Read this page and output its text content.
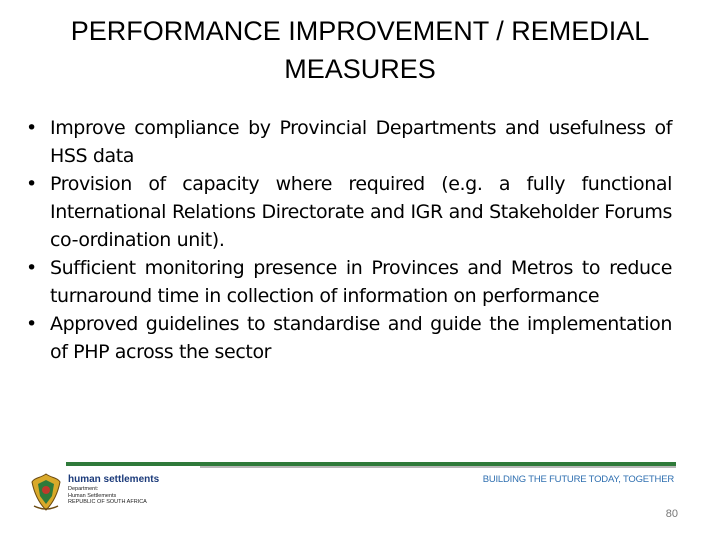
PERFORMANCE IMPROVEMENT / REMEDIAL
MEASURES
• Improve compliance by Provincial Departments and usefulness of HSS data
• Provision of capacity where required (e.g. a fully functional International Relations Directorate and IGR and Stakeholder Forums co-ordination unit).
• Sufficient monitoring presence in Provinces and Metros to reduce turnaround time in collection of information on performance
• Approved guidelines to standardise and guide the implementation of PHP across the sector
human settlements
Department:
Human Settlements
REPUBLIC OF SOUTH AFRICA
BUILDING THE FUTURE TODAY, TOGETHER
80
